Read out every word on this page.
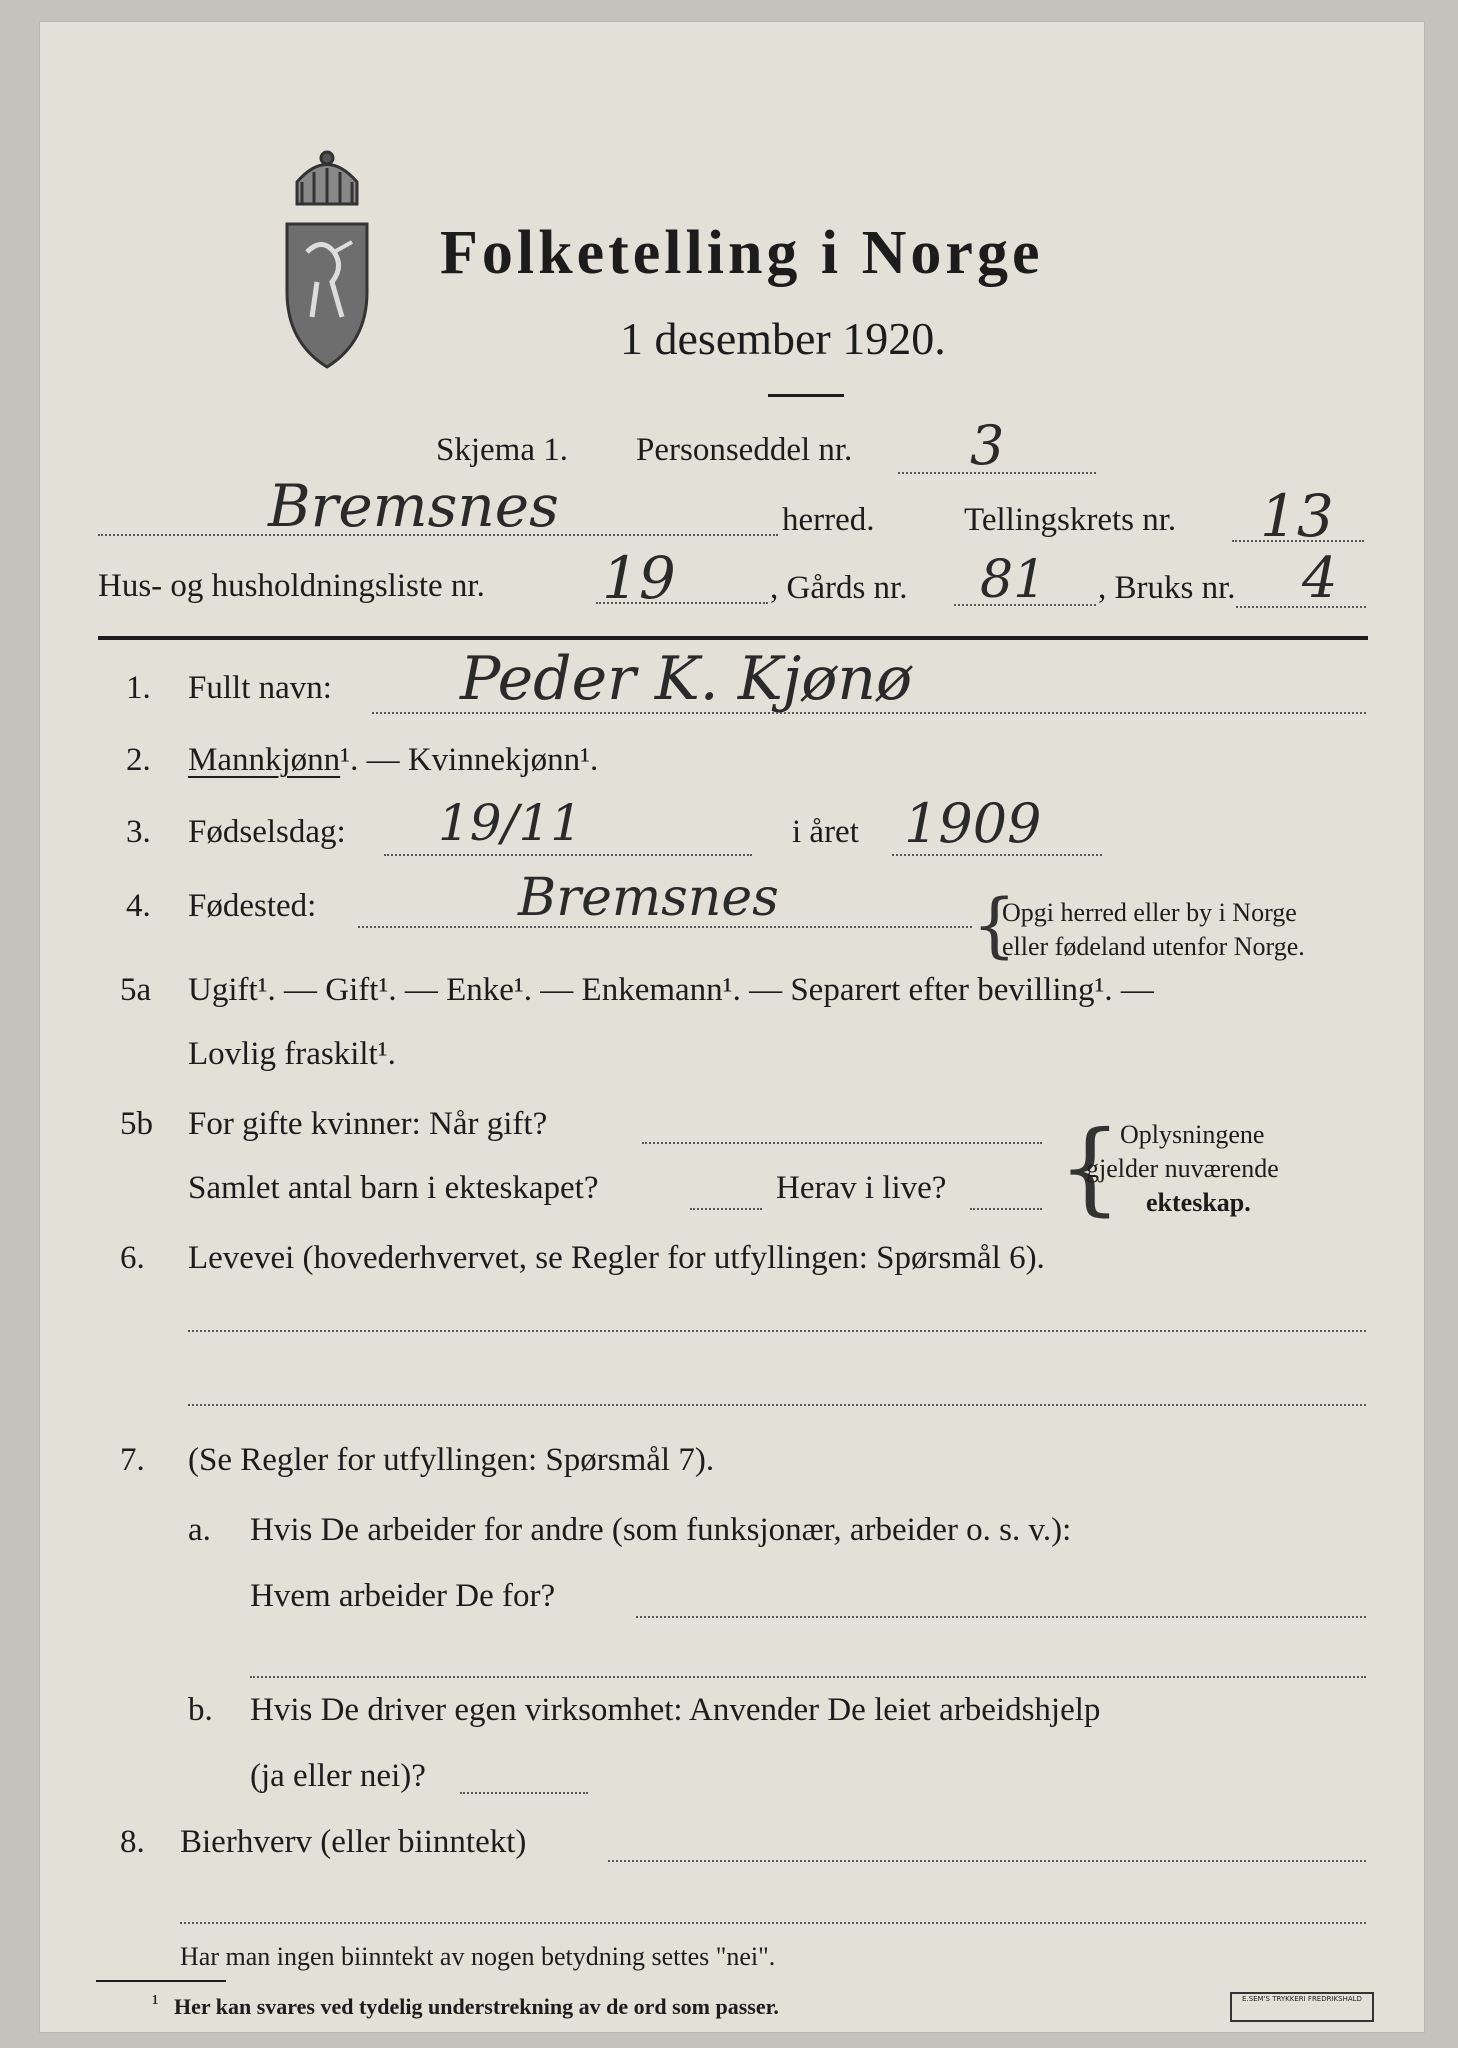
Folketelling i Norge
1 desember 1920.
Skjema 1. Personseddel nr. 3
Bremsnes	herred.	Tellingskrets nr. 13
Hus- og husholdningsliste nr. 19	, Gårds nr. 81 , Bruks nr. 4
1. Fullt navn: Peder K. Kjønø
2. Mannkjønn¹. — Kvinnekjønn¹.
3. Fødselsdag: 19/11	i året 1909
4. Fødested:	Bremsnes	{
Opgi herred eller by i Norge
eller fødeland utenfor Norge.
5a Ugift¹. — Gift¹. — Enke¹. — Enkemann¹. — Separert efter bevilling¹. —
Lovlig fraskilt¹.
5b For gifte kvinner: Når gift?
Samlet antal barn i ekteskapet?	Herav i live? {
Oplysningene
gjelder nuværende
ekteskap.
6. Levevei (hovederhvervet, se Regler for utfyllingen: Spørsmål 6).
7. (Se Regler for utfyllingen: Spørsmål 7).
a. Hvis De arbeider for andre (som funksjonær, arbeider o. s. v.):
Hvem arbeider De for?
b. Hvis De driver egen virksomhet: Anvender De leiet arbeidshjelp
(ja eller nei)?
8. Bierhverv (eller biinntekt)
Har man ingen biinntekt av nogen betydning settes "nei".
¹ Her kan svares ved tydelig understrekning av de ord som passer.	E.SEM'S TRYKKERI FREDRIKSHALD
